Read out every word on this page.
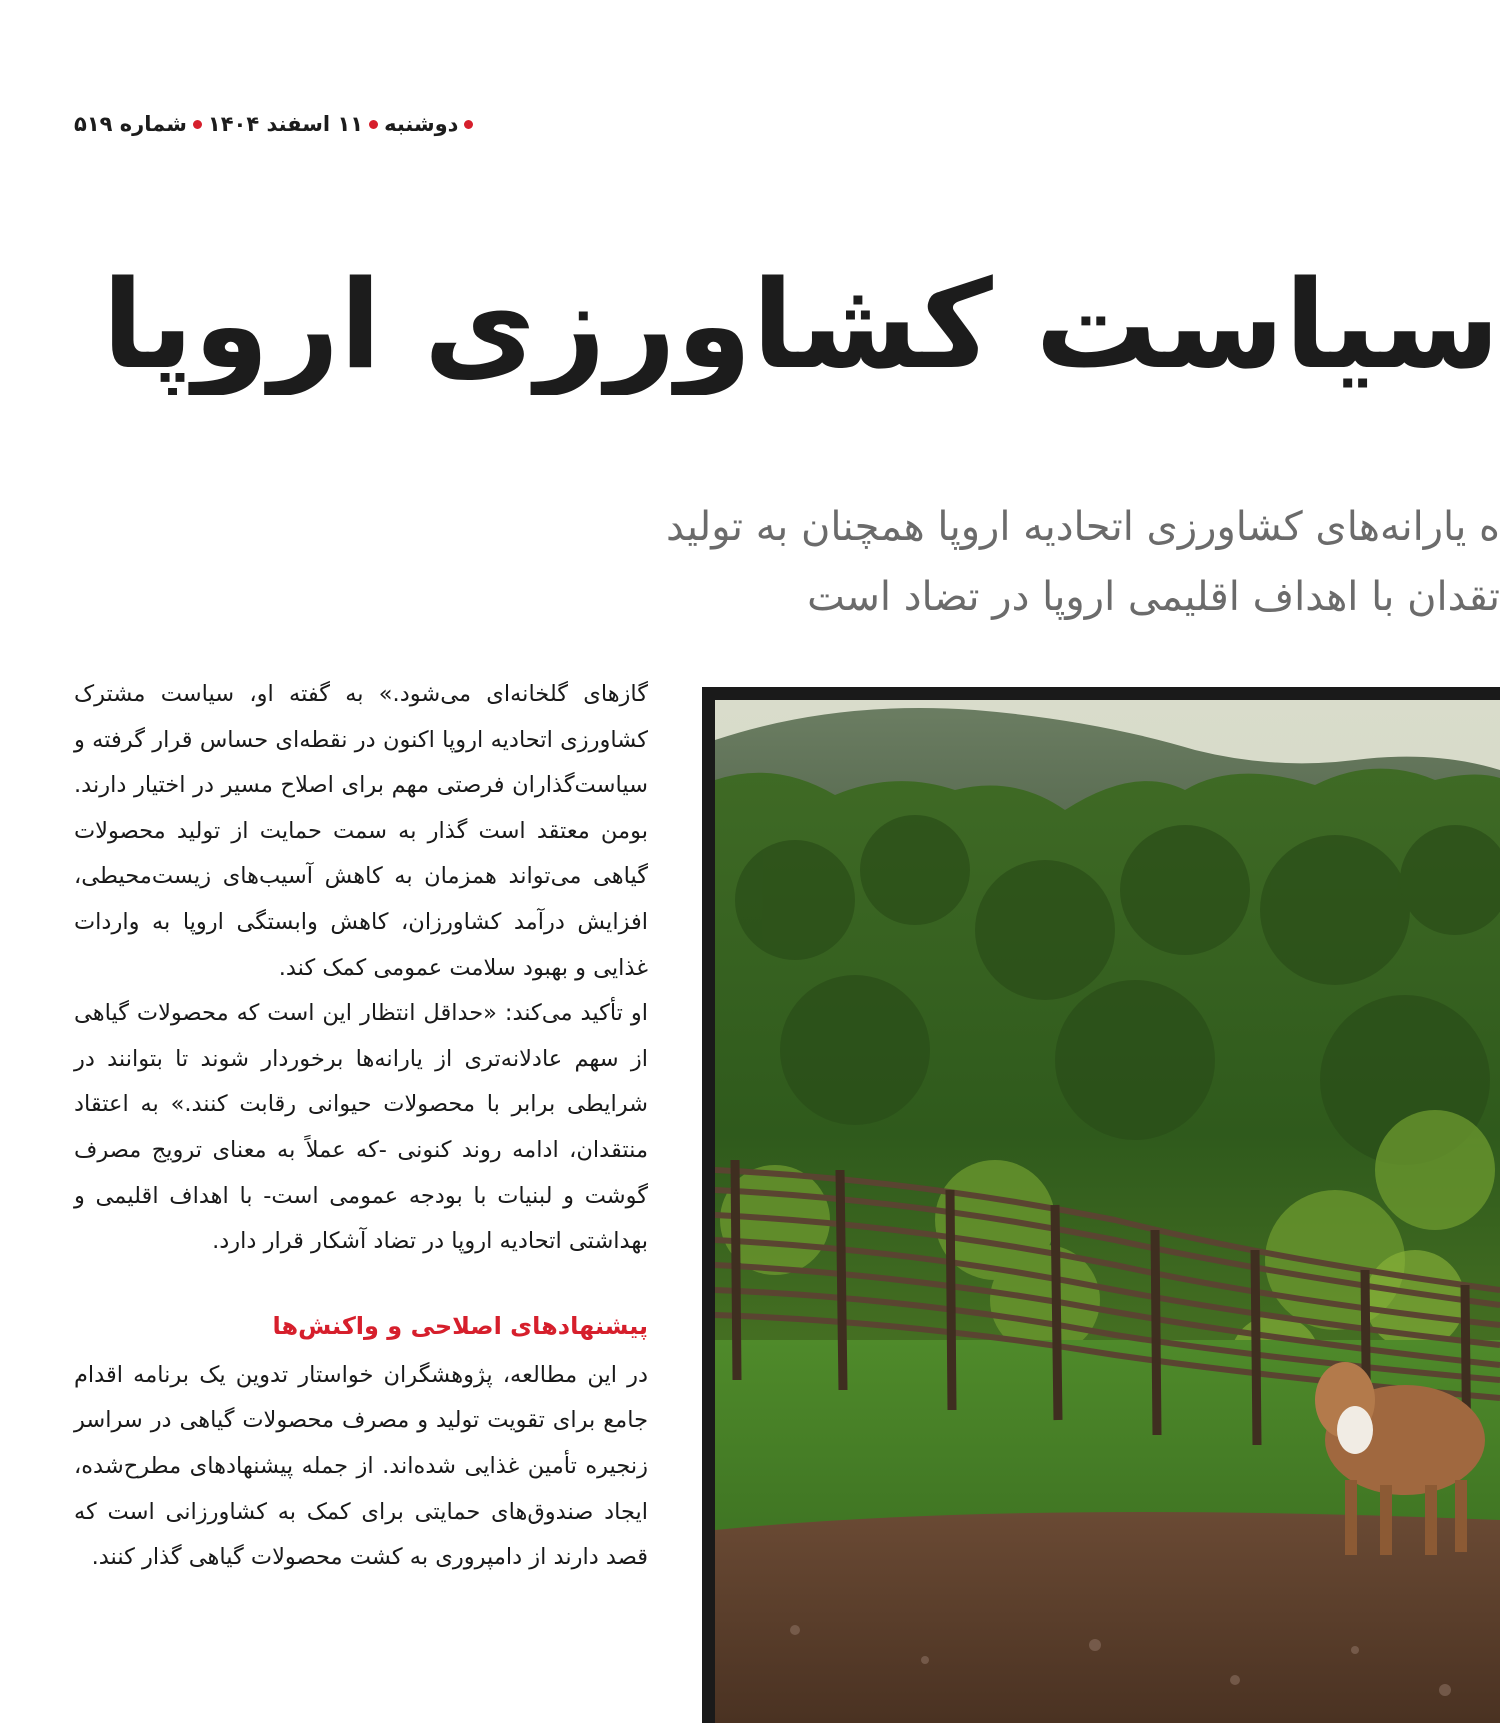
دوشنبه
۱۱ اسفند ۱۴۰۴
شماره ۵۱۹
سیاست کشاورزی اروپا
ه یارانه‌های کشاورزی اتحادیه اروپا همچنان به تولید
تقدان با اهداف اقلیمی اروپا در تضاد است

گازهای گلخانه‌ای می‌شود.» به گفته او، سیاست مشترک کشاورزی اتحادیه اروپا اکنون در نقطه‌ای حساس قرار گرفته و سیاست‌گذاران فرصتی مهم برای اصلاح مسیر در اختیار دارند. بومن معتقد است گذار به سمت حمایت از تولید محصولات گیاهی می‌تواند همزمان به کاهش آسیب‌های زیست‌محیطی، افزایش درآمد کشاورزان، کاهش وابستگی اروپا به واردات غذایی و بهبود سلامت عمومی کمک کند.

او تأکید می‌کند: «حداقل انتظار این است که محصولات گیاهی از سهم عادلانه‌تری از یارانه‌ها برخوردار شوند تا بتوانند در شرایطی برابر با محصولات حیوانی رقابت کنند.» به اعتقاد منتقدان، ادامه روند کنونی -که عملاً به معنای ترویج مصرف گوشت و لبنیات با بودجه عمومی است- با اهداف اقلیمی و بهداشتی اتحادیه اروپا در تضاد آشکار قرار دارد.

پیشنهادهای اصلاحی و واکنش‌ها

در این مطالعه، پژوهشگران خواستار تدوین یک برنامه اقدام جامع برای تقویت تولید و مصرف محصولات گیاهی در سراسر زنجیره تأمین غذایی شده‌اند. از جمله پیشنهادهای مطرح‌شده، ایجاد صندوق‌های حمایتی برای کمک به کشاورزانی است که قصد دارند از دامپروری به کشت محصولات گیاهی گذار کنند.
